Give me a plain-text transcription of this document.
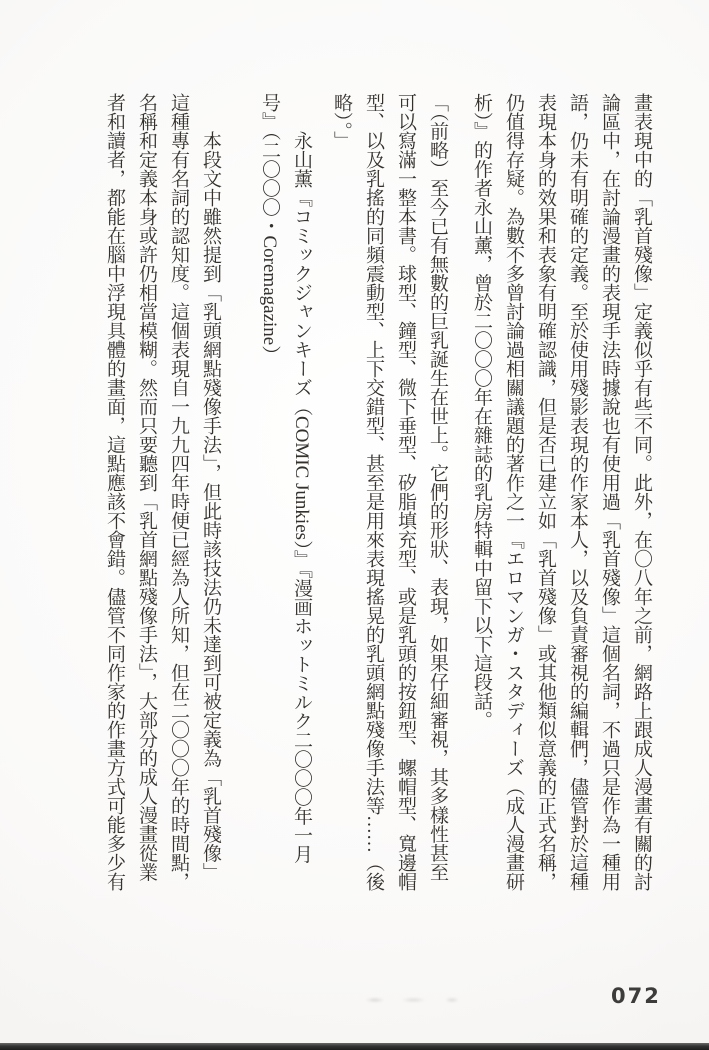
畫表現中的「乳首殘像」定義似乎有些不同。此外，在〇八年之前，網路上跟成人漫畫有關的討
論區中，在討論漫畫的表現手法時據說也有使用過「乳首殘像」這個名詞，不過只是作為一種用
語，仍未有明確的定義。至於使用殘影表現的作家本人，以及負責審視的編輯們，儘管對於這種
表現本身的效果和表象有明確認識，但是否已建立如「乳首殘像」或其他類似意義的正式名稱，
仍值得存疑。為數不多曾討論過相關議題的著作之一『エロマンガ・スタディーズ（成人漫畫研
析）』的作者永山薰，曾於二〇〇〇年在雜誌的乳房特輯中留下以下這段話。
「（前略）至今已有無數的巨乳誕生在世上。它們的形狀、表現，如果仔細審視，其多樣性甚至
可以寫滿一整本書。球型、鐘型、微下垂型、矽脂填充型、或是乳頭的按鈕型、螺帽型、寬邊帽
型、以及乳搖的同頻震動型、上下交錯型、甚至是用來表現搖晃的乳頭網點殘像手法等……（後
略）。」
永山薰『コミックジャンキーズ（COMIC Junkies）』『漫画ホットミルク二〇〇〇年一月
号』（二〇〇〇・Coremagazine）
本段文中雖然提到「乳頭網點殘像手法」，但此時該技法仍未達到可被定義為「乳首殘像」
這種專有名詞的認知度。這個表現自一九九四年時便已經為人所知，但在二〇〇〇年的時間點，
名稱和定義本身或許仍相當模糊。然而只要聽到「乳首網點殘像手法」，大部分的成人漫畫從業
者和讀者，都能在腦中浮現具體的畫面，這點應該不會錯。儘管不同作家的作畫方式可能多少有
072
